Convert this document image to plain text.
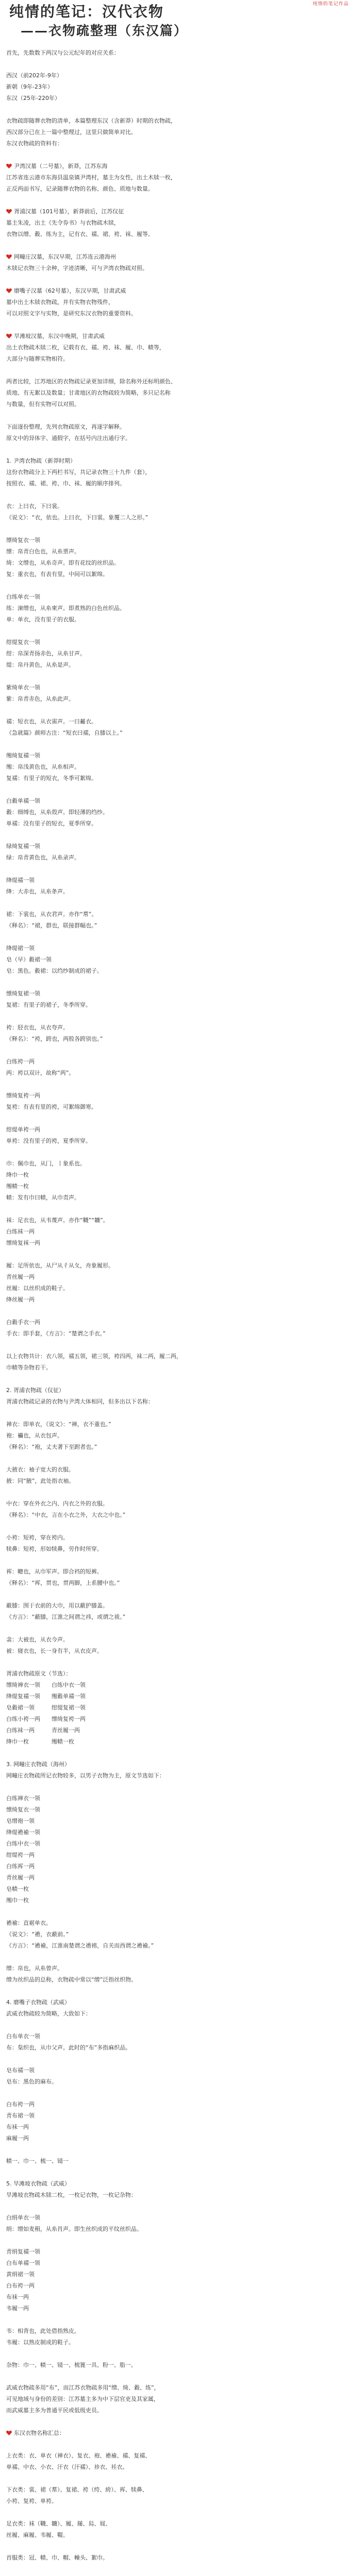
纯情的笔记作品
纯情的笔记：汉代衣物
——衣物疏整理（东汉篇）

首先，先数数下两汉与公元纪年的对应关系：

西汉（前202年-9年）

新朝（9年-23年）

东汉（25年-220年）

衣物疏即随葬衣物的清单，本篇整理东汉（含新莽）时期的衣物疏，

西汉部分已在上一篇中整理过，这里只做简单对比。

东汉衣物疏的资料有：

尹湾汉墓（二号墓），新莽，江苏东海

江苏省连云港市东海县温泉镇尹湾村，墓主为女性，出土木牍一枚，

正反两面书写，记录随葬衣物的名称、颜色、质地与数量。

胥浦汉墓（101号墓），新莽前后，江苏仪征

墓主朱凌，出土《先令券书》与衣物疏木牍，

衣物以缯、縠、练为主，记有衣、襦、裙、袴、袜、履等。

网疃庄汉墓，东汉早期，江苏连云港海州

木牍记衣物三十余种，字迹清晰，可与尹湾衣物疏对照。

磨嘴子汉墓（62号墓），东汉早期，甘肃武威

墓中出土木牍衣物疏，并有实物衣物残件，

可以对照文字与实物，是研究东汉衣物的重要资料。

旱滩坡汉墓，东汉中晚期，甘肃武威

出土衣物疏木牍二枚，记载有衣、襦、袴、袜、履、巾、帻等，

大部分与随葬实物相符。

两者比较，江苏地区的衣物疏记录更加详细，除名称外还标明颜色、

质地、有无絮以及数量；甘肃地区的衣物疏较为简略，多只记名称

与数量，但有实物可以对照。

下面逐份整理，先列衣物疏原文，再逐字解释。

原文中的异体字、通假字，在括号内注出通行字。

1. 尹湾衣物疏（新莽时期）

这份衣物疏分上下两栏书写，共记录衣物三十九件（套），

按照衣、襦、裙、袴、巾、袜、履的顺序排列。

衣：上曰衣，下曰裳。

《说文》：“衣，依也。上曰衣，下曰裳。象覆二人之形。”

缥绮复衣一领

缥：帛青白色也，从糸票声。

绮：文缯也，从糸奇声。即有花纹的丝织品。

复：重衣也，有表有里，中间可以絮绵。

白练单衣一领

练：湅缯也，从糸柬声。即煮熟的白色丝织品。

单：单衣，没有里子的衣服。

绀缇复衣一领

绀：帛深青扬赤色，从糸甘声。

缇：帛丹黄色，从糸是声。

紫绮单衣一领

紫：帛青赤色，从糸此声。

襦：短衣也，从衣需声。一曰㬮衣。

《急就篇》颜师古注：“短衣曰襦，自膝以上。”

缃绮复襦一领

缃：帛浅黄色也，从糸相声。

复襦：有里子的短衣，冬季可絮绵。

白縠单襦一领

縠：细缚也，从糸殻声。即轻薄的绉纱。

单襦：没有里子的短衣，夏季所穿。

绿绮复襦一领

绿：帛青黄色也，从糸录声。

绛缇襦一领

绛：大赤也，从糸夅声。

裙：下裳也，从衣君声。亦作“帬”。

《释名》：“裙，群也，联接群幅也。”

绛缇裙一领

皂（早）縠裙一领

皂：黑色。縠裙：以绉纱制成的裙子。

缥绮复裙一领

复裙：有里子的裙子，冬季所穿。

袴：胫衣也，从衣夸声。

《释名》：“袴，跨也，两股各跨别也。”

白练袴一两

两：袴以双计，故称“两”。

缥绮复袴一两

复袴：有表有里的袴，可絮绵御寒。

绀缇单袴一两

单袴：没有里子的袴，夏季所穿。

巾：佩巾也，从冂，丨象系也。

绛巾一枚

缃帻一枚

帻：发有巾曰帻，从巾责声。

袜：足衣也，从韦蔑声。亦作“韈”“韤”。

白练袜一两

缥绮复袜一两

履：足所依也，从尸从彳从夂，舟象履形。

青丝履一两

丝履：以丝织成的鞋子。

绛丝履一两

白縠手衣一两

手衣：即手套，《方言》：“楚谓之手衣。”

以上衣物共计：衣八领，襦五领，裙三领，袴四两，袜二两，履二两，

巾帻等杂物若干。

2. 胥浦衣物疏（仪征）

胥浦衣物疏记录的衣物与尹湾大体相同，但多出以下名称：

禅衣：即单衣，《说文》：“禅，衣不重也。”

袍：襺也，从衣包声。

《释名》：“袍，丈夫著下至跗者也。”

大掖衣：袖子宽大的衣服。

掖：同“腋”，此处指衣袖。

中衣：穿在外衣之内、内衣之外的衣服。

《释名》：“中衣，言在小衣之外，大衣之中也。”

小袴：短袴，穿在袴内。

犊鼻：短袴，形如犊鼻，劳作时所穿。

裈：幒也，从巾军声。即合裆的短裤。

《释名》：“裈，贯也，贯两脚，上系腰中也。”

蔽膝：围于衣前的大巾，用以蔽护膝盖。

《方言》：“蔽膝，江淮之间谓之祎，或谓之祓。”

衾：大被也，从衣今声。

被：寝衣也，长一身有半，从衣皮声。

胥浦衣物疏原文（节选）：

缥绮禅衣一领　　白练中衣一领

绛缇复襦一领　　缃縠单襦一领

皂縠裙一领　　　绀缇复裙一领

白练小袴一两　　缥绮复袴一两

白练袜一两　　　青丝履一两

绛巾一枚　　　　缃帻一枚

3. 网疃庄衣物疏（海州）

网疃庄衣物疏所记衣物较多，以男子衣物为主，原文节选如下：

白练禅衣一领

缥绮复衣一领

皂缯袍一领

绛缇襜褕一领

白练中衣一领

绀缇袴一两

白练裈一两

青丝履一两

皂帻一枚

缃巾一枚

襜褕：直裾单衣。

《说文》：“襜，衣蔽前。”

《方言》：“襜褕，江淮南楚谓之䄡褣，自关而西谓之襜褕。”

缯：帛也，从糸曾声。

缯为丝织品的总称，衣物疏中常以“缯”泛指丝织物。

4. 磨嘴子衣物疏（武威）

武威衣物疏较为简略，大致如下：

白布单衣一领

布：枲织也，从巾父声。此时的“布”多指麻织品。

皂布襦一领

皂布：黑色的麻布。

白布袴一两

青布裙一领

布袜一两

麻履一两

帻一、巾一、梳一、镜一

5. 旱滩坡衣物疏（武威）

旱滩坡衣物疏木牍二枚，一枚记衣物，一枚记杂物：

白绢单衣一领

绢：缯如麦䅌，从糸肙声。即生丝织成的平纹丝织品。

青绢复襦一领

白布单襦一领

黄绢裙一领

白布袴一两

布袜一两

韦履一两

韦：相背也，此处借指熟皮。

韦履：以熟皮制成的鞋子。

杂物：巾一、帻一、镜一、梳篦一具、粉一、脂一。

武威衣物疏多用“布”，而江苏衣物疏多用“缯、绮、縠、练”，

可见地域与身份的差别：江苏墓主多为中下层官吏及其家属，

而武威墓主多为普通平民或低级吏员。

东汉衣物名称汇总：

上衣类：衣、单衣（禅衣）、复衣、袍、襜褕、襦、复襦、

单襦、中衣、小衣、汗衣（汗襦）、袗衣、袿衣。

下衣类：裳、裙（帬）、复裙、袴（绔、絝）、裈、犊鼻、

小袴、复袴、单袴。

足衣类：袜（韈、韤）、履、屦、舄、屐、

丝履、麻履、韦履、鞮。

首服类：冠、帻、巾、帽、幧头、絮巾。
